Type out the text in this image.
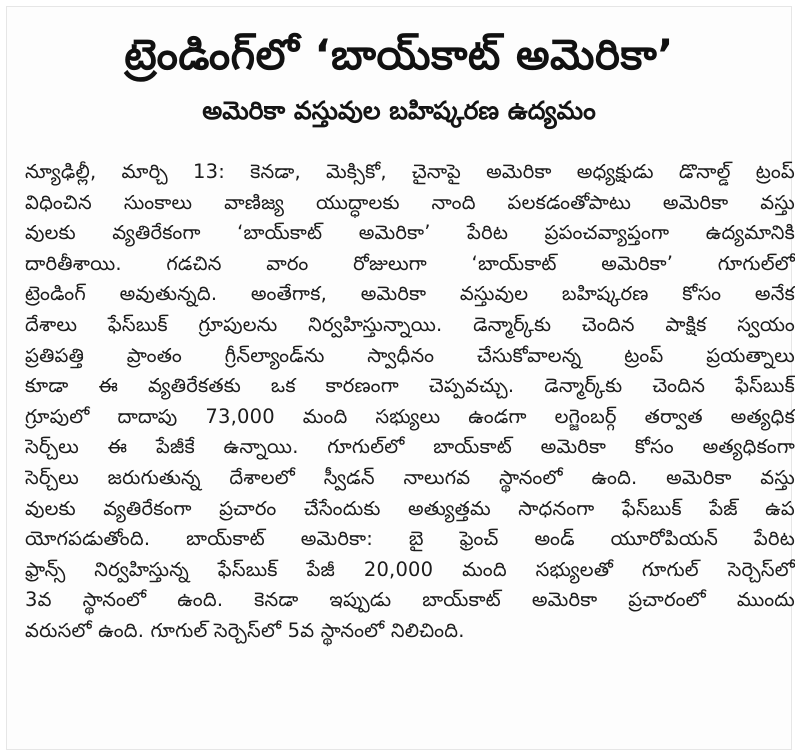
ట్రెండింగ్‌లో ‘బాయ్‌కాట్ అమెరికా’
అమెరికా వస్తువుల బహిష్కరణ ఉద్యమం
న్యూఢిల్లీ, మార్చి 13: కెనడా, మెక్సికో, చైనాపై అమెరికా అధ్యక్షుడు డొనాల్డ్ ట్రంప్
విధించిన సుంకాలు వాణిజ్య యుద్ధాలకు నాంది పలకడంతోపాటు అమెరికా వస్తు
వులకు వ్యతిరేకంగా ‘బాయ్‌కాట్ అమెరికా’ పేరిట ప్రపంచవ్యాప్తంగా ఉద్యమానికి
దారితీశాయి. గడచిన వారం రోజులుగా ‘బాయ్‌కాట్ అమెరికా’ గూగుల్‌లో
ట్రెండింగ్ అవుతున్నది. అంతేగాక, అమెరికా వస్తువుల బహిష్కరణ కోసం అనేక
దేశాలు ఫేస్‌బుక్ గ్రూపులను నిర్వహిస్తున్నాయి. డెన్మార్క్‌కు చెందిన పాక్షిక స్వయం
ప్రతిపత్తి ప్రాంతం గ్రీన్‌ల్యాండ్‌ను స్వాధీనం చేసుకోవాలన్న ట్రంప్ ప్రయత్నాలు
కూడా ఈ వ్యతిరేకతకు ఒక కారణంగా చెప్పవచ్చు. డెన్మార్క్‌కు చెందిన ఫేస్‌బుక్
గ్రూపులో దాదాపు 73,000 మంది సభ్యులు ఉండగా లగ్జెంబర్గ్ తర్వాత అత్యధిక
సెర్చ్‌లు ఈ పేజీకే ఉన్నాయి. గూగుల్‌లో బాయ్‌కాట్ అమెరికా కోసం అత్యధికంగా
సెర్చ్‌లు జరుగుతున్న దేశాలలో స్వీడన్ నాలుగవ స్థానంలో ఉంది. అమెరికా వస్తు
వులకు వ్యతిరేకంగా ప్రచారం చేసేందుకు అత్యుత్తమ సాధనంగా ఫేస్‌బుక్ పేజ్ ఉప
యోగపడుతోంది. బాయ్‌కాట్ అమెరికా: బై ఫ్రెంచ్ అండ్ యూరోపియన్ పేరిట
ఫ్రాన్స్ నిర్వహిస్తున్న ఫేస్‌బుక్ పేజీ 20,000 మంది సభ్యులతో గూగుల్ సెర్చెస్‌లో
3వ స్థానంలో ఉంది. కెనడా ఇప్పుడు బాయ్‌కాట్ అమెరికా ప్రచారంలో ముందు
వరుసలో ఉంది. గూగుల్ సెర్చెస్‌లో 5వ స్థానంలో నిలిచింది.
